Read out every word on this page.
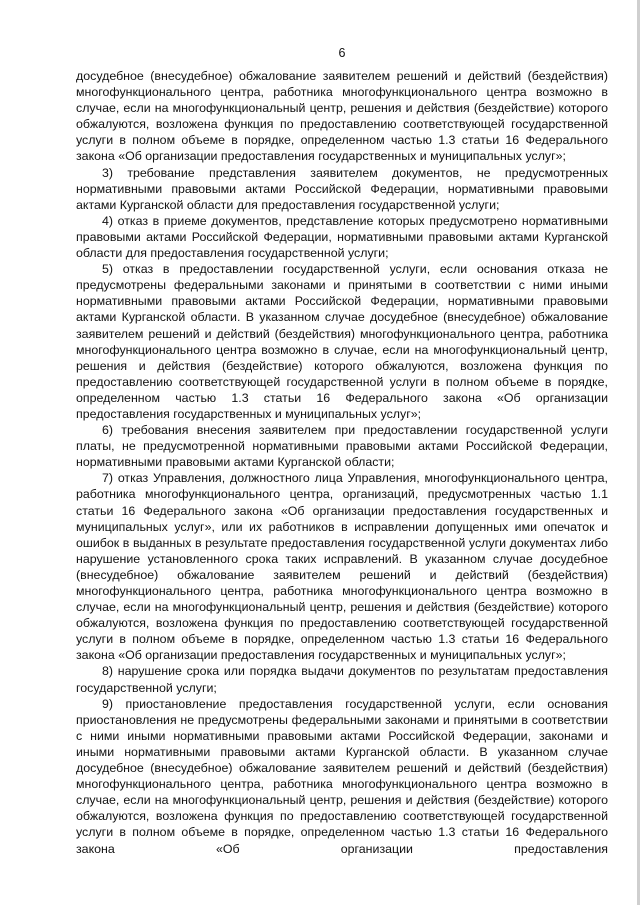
6

досудебное (внесудебное) обжалование заявителем решений и действий (бездействия) многофункционального центра, работника многофункционального центра возможно в случае, если на многофункциональный центр, решения и действия (бездействие) которого обжалуются, возложена функция по предоставлению соответствующей государственной услуги в полном объеме в порядке, определенном частью 1.3 статьи 16 Федерального закона «Об организации предоставления государственных и муниципальных услуг»;

3) требование представления заявителем документов, не предусмотренных нормативными правовыми актами Российской Федерации, нормативными правовыми актами Курганской области для предоставления государственной услуги;

4) отказ в приеме документов, представление которых предусмотрено нормативными правовыми актами Российской Федерации, нормативными правовыми актами Курганской области для предоставления государственной услуги;

5) отказ в предоставлении государственной услуги, если основания отказа не предусмотрены федеральными законами и принятыми в соответствии с ними иными нормативными правовыми актами Российской Федерации, нормативными правовыми актами Курганской области. В указанном случае досудебное (внесудебное) обжалование заявителем решений и действий (бездействия) многофункционального центра, работника многофункционального центра возможно в случае, если на многофункциональный центр, решения и действия (бездействие) которого обжалуются, возложена функция по предоставлению соответствующей государственной услуги в полном объеме в порядке, определенном частью 1.3 статьи 16 Федерального закона «Об организации предоставления государственных и муниципальных услуг»;

6) требования внесения заявителем при предоставлении государственной услуги платы, не предусмотренной нормативными правовыми актами Российской Федерации, нормативными правовыми актами Курганской области;

7) отказ Управления, должностного лица Управления, многофункционального центра, работника многофункционального центра, организаций, предусмотренных частью 1.1 статьи 16 Федерального закона «Об организации предоставления государственных и муниципальных услуг», или их работников в исправлении допущенных ими опечаток и ошибок в выданных в результате предоставления государственной услуги документах либо нарушение установленного срока таких исправлений. В указанном случае досудебное (внесудебное) обжалование заявителем решений и действий (бездействия) многофункционального центра, работника многофункционального центра возможно в случае, если на многофункциональный центр, решения и действия (бездействие) которого обжалуются, возложена функция по предоставлению соответствующей государственной услуги в полном объеме в порядке, определенном частью 1.3 статьи 16 Федерального закона «Об организации предоставления государственных и муниципальных услуг»;

8) нарушение срока или порядка выдачи документов по результатам предоставления государственной услуги;

9) приостановление предоставления государственной услуги, если основания приостановления не предусмотрены федеральными законами и принятыми в соответствии с ними иными нормативными правовыми актами Российской Федерации, законами и иными нормативными правовыми актами Курганской области. В указанном случае досудебное (внесудебное) обжалование заявителем решений и действий (бездействия) многофункционального центра, работника многофункционального центра возможно в случае, если на многофункциональный центр, решения и действия (бездействие) которого обжалуются, возложена функция по предоставлению соответствующей государственной услуги в полном объеме в порядке, определенном частью 1.3 статьи 16 Федерального закона «Об организации предоставления
